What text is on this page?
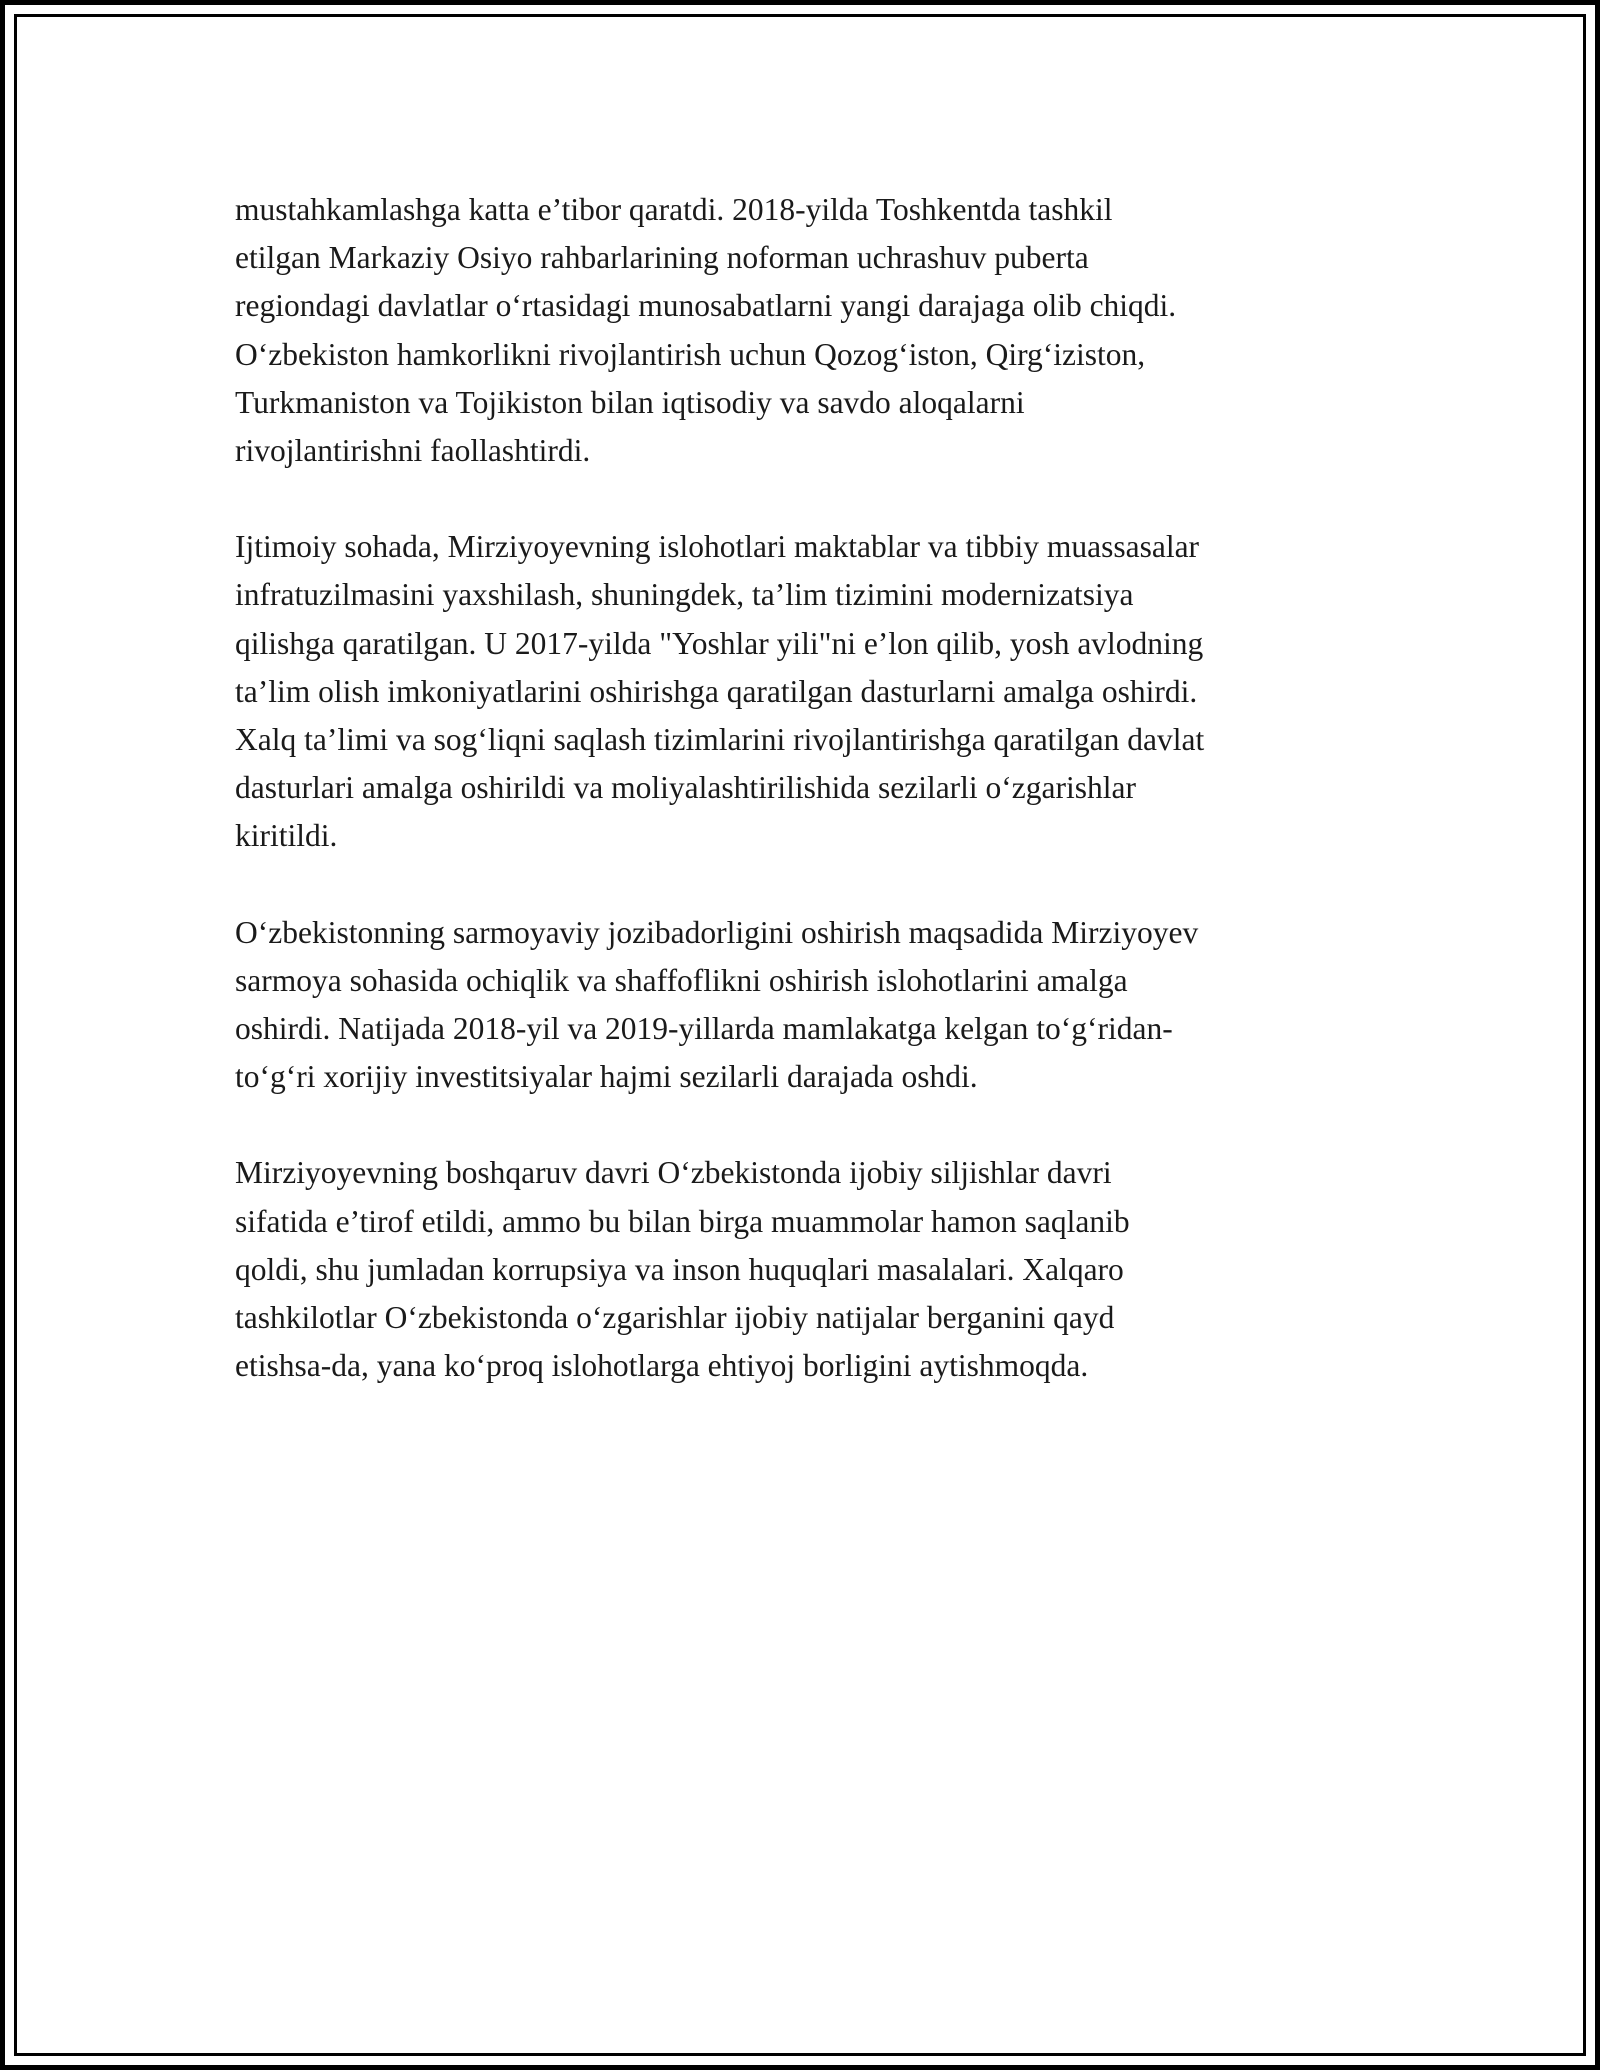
mustahkamlashga katta e’tibor qaratdi. 2018-yilda Toshkentda tashkil
etilgan Markaziy Osiyo rahbarlarining noforman uchrashuv puberta
regiondagi davlatlar o‘rtasidagi munosabatlarni yangi darajaga olib chiqdi.
O‘zbekiston hamkorlikni rivojlantirish uchun Qozog‘iston, Qirg‘iziston,
Turkmaniston va Tojikiston bilan iqtisodiy va savdo aloqalarni
rivojlantirishni faollashtirdi.

Ijtimoiy sohada, Mirziyoyevning islohotlari maktablar va tibbiy muassasalar
infratuzilmasini yaxshilash, shuningdek, ta’lim tizimini modernizatsiya
qilishga qaratilgan. U 2017-yilda "Yoshlar yili"ni e’lon qilib, yosh avlodning
ta’lim olish imkoniyatlarini oshirishga qaratilgan dasturlarni amalga oshirdi.
Xalq ta’limi va sog‘liqni saqlash tizimlarini rivojlantirishga qaratilgan davlat
dasturlari amalga oshirildi va moliyalashtirilishida sezilarli o‘zgarishlar
kiritildi.

O‘zbekistonning sarmoyaviy jozibadorligini oshirish maqsadida Mirziyoyev
sarmoya sohasida ochiqlik va shaffoflikni oshirish islohotlarini amalga
oshirdi. Natijada 2018-yil va 2019-yillarda mamlakatga kelgan to‘g‘ridan-
to‘g‘ri xorijiy investitsiyalar hajmi sezilarli darajada oshdi.

Mirziyoyevning boshqaruv davri O‘zbekistonda ijobiy siljishlar davri
sifatida e’tirof etildi, ammo bu bilan birga muammolar hamon saqlanib
qoldi, shu jumladan korrupsiya va inson huquqlari masalalari. Xalqaro
tashkilotlar O‘zbekistonda o‘zgarishlar ijobiy natijalar berganini qayd
etishsa-da, yana ko‘proq islohotlarga ehtiyoj borligini aytishmoqda.
